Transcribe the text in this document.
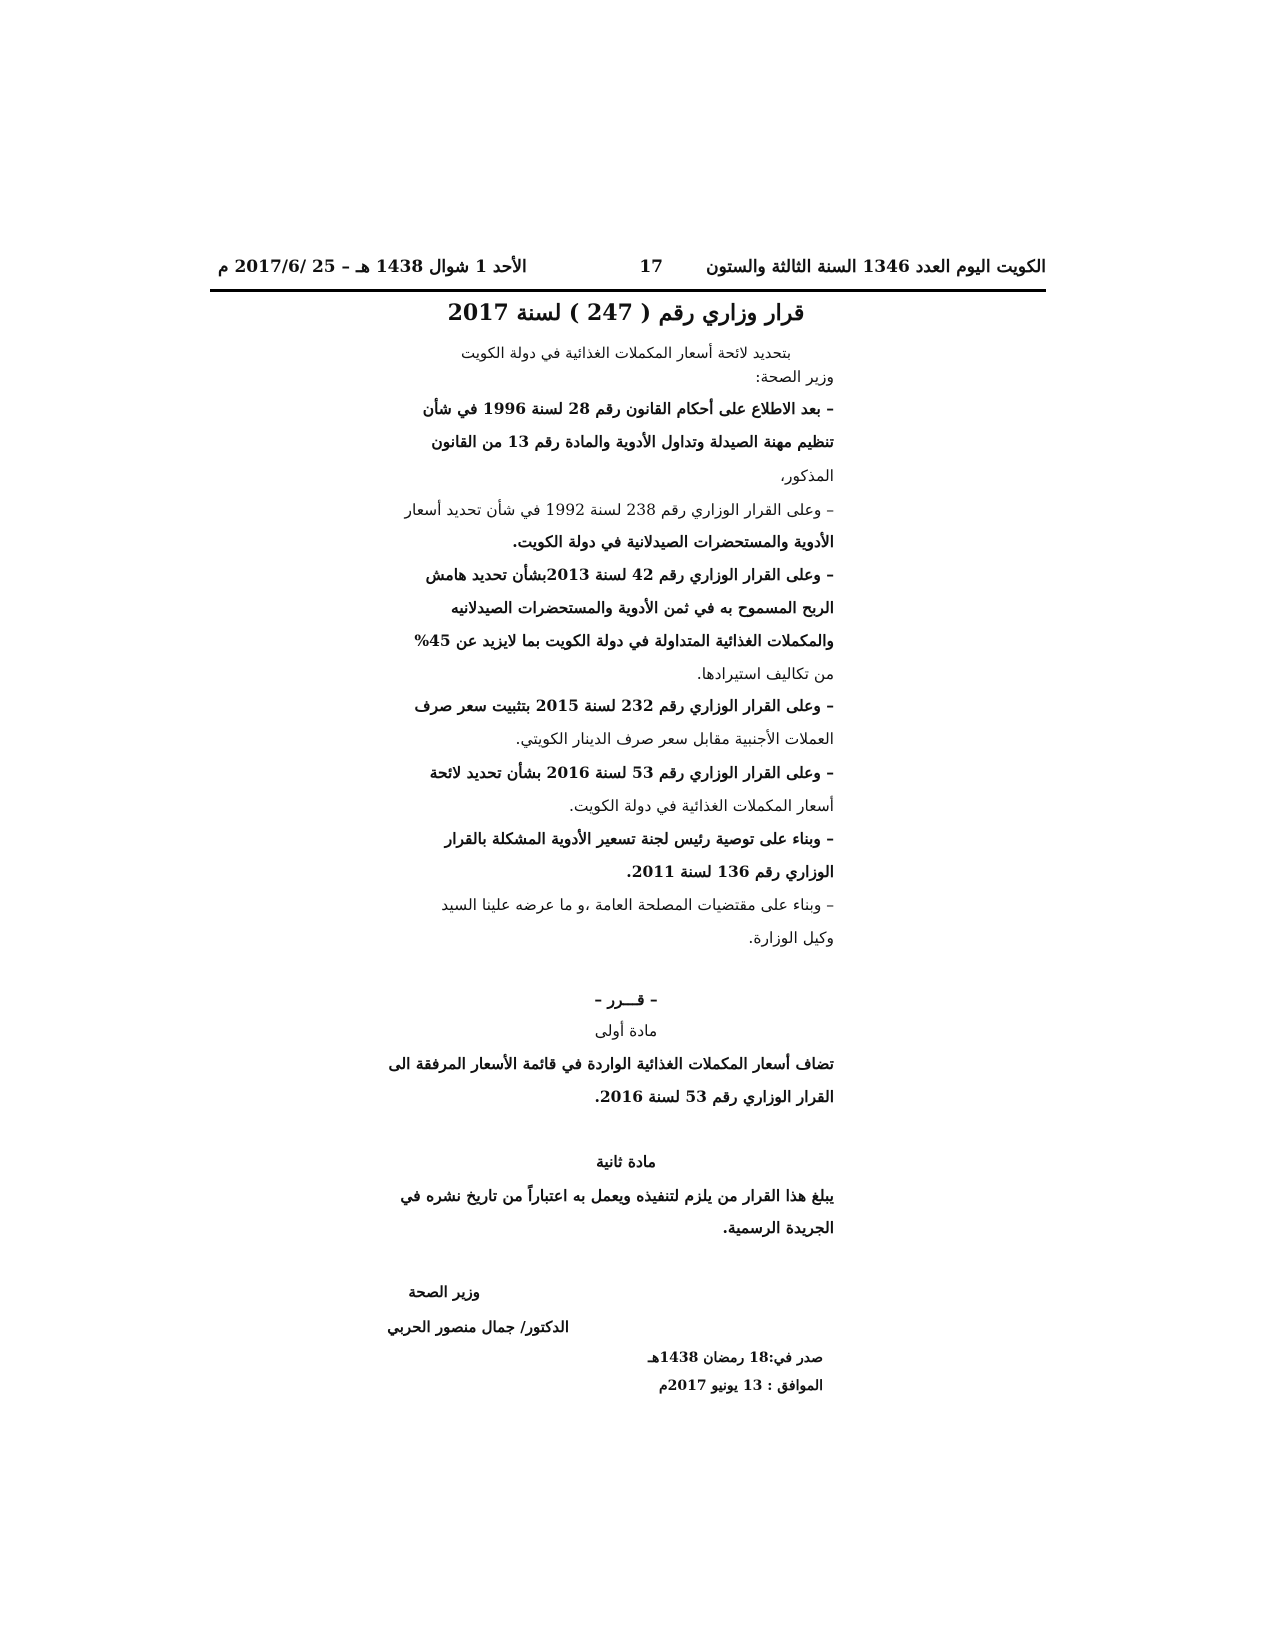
الكويت اليوم العدد 1346 السنة الثالثة والستون
17
الأحد 1 شوال 1438 هـ – 25 /2017/6 م
قرار وزاري رقم ( 247 ) لسنة 2017
بتحديد لائحة أسعار المكملات الغذائية في دولة الكويت
وزير الصحة:
– بعد الاطلاع على أحكام القانون رقم 28 لسنة 1996 في شأن
تنظيم مهنة الصيدلة وتداول الأدوية والمادة رقم 13 من القانون
المذكور،
– وعلى القرار الوزاري رقم 238 لسنة 1992 في شأن تحديد أسعار
الأدوية والمستحضرات الصيدلانية في دولة الكويت.
– وعلى القرار الوزاري رقم 42 لسنة 2013بشأن تحديد هامش
الربح المسموح به في ثمن الأدوية والمستحضرات الصيدلانيه
والمكملات الغذائية المتداولة في دولة الكويت بما لايزيد عن 45%
من تكاليف استيرادها.
– وعلى القرار الوزاري رقم 232 لسنة 2015 بتثبيت سعر صرف
العملات الأجنبية مقابل سعر صرف الدينار الكويتي.
– وعلى القرار الوزاري رقم 53 لسنة 2016 بشأن تحديد لائحة
أسعار المكملات الغذائية في دولة الكويت.
– وبناء على توصية رئيس لجنة تسعير الأدوية المشكلة بالقرار
الوزاري رقم 136 لسنة 2011.
– وبناء على مقتضيات المصلحة العامة ،و ما عرضه علينا السيد
وكيل الوزارة.
– قـــرر –
مادة أولى
تضاف أسعار المكملات الغذائية الواردة في قائمة الأسعار المرفقة الى
القرار الوزاري رقم 53 لسنة 2016.
مادة ثانية
يبلغ هذا القرار من يلزم لتنفيذه ويعمل به اعتباراً من تاريخ نشره في
الجريدة الرسمية.
وزير الصحة
الدكتور/ جمال منصور الحربي
صدر في:18 رمضان 1438هـ
الموافق : 13 يونيو 2017م
